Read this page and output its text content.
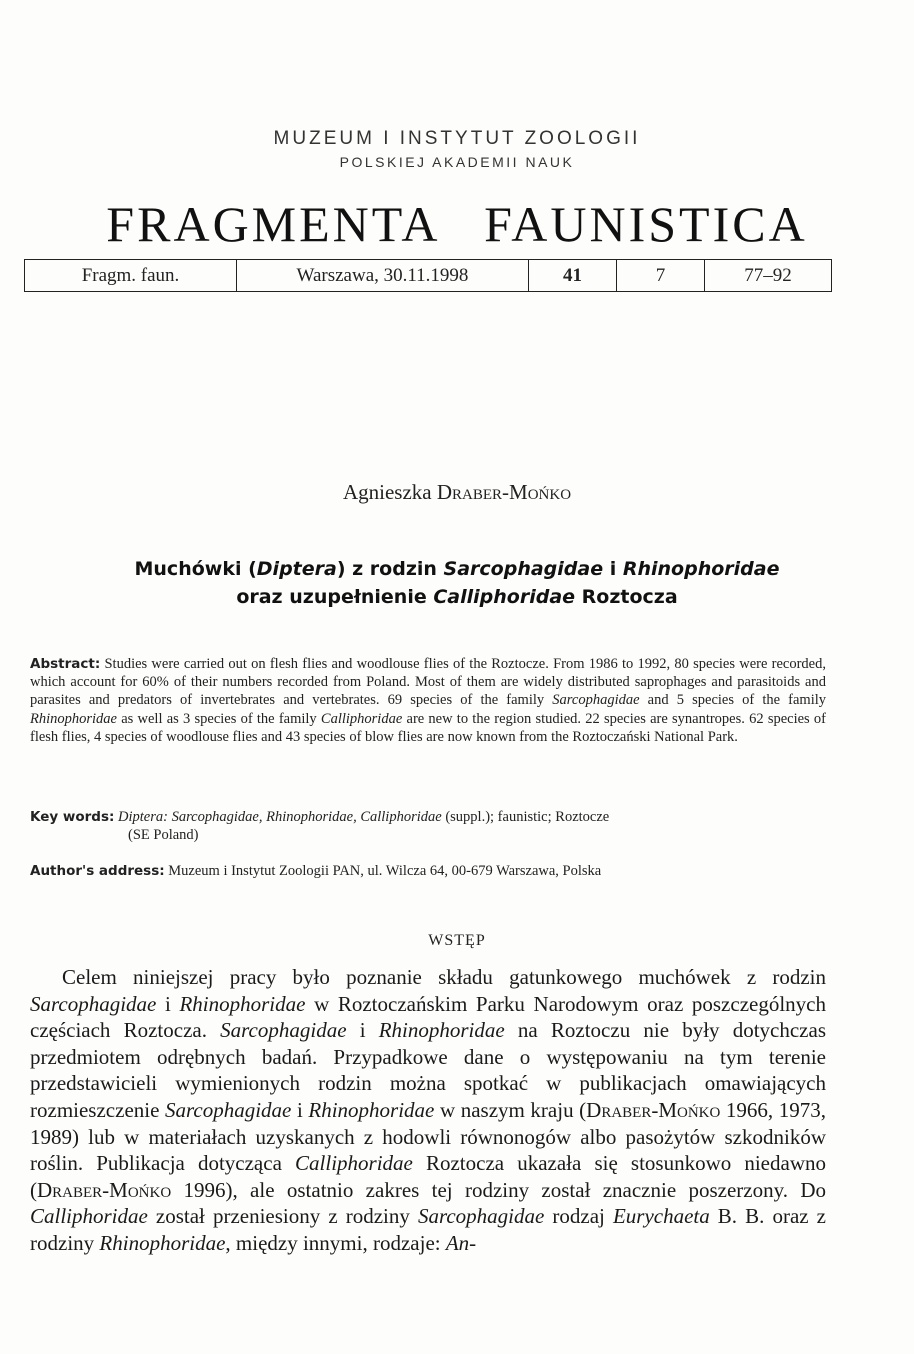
MUZEUM I INSTYTUT ZOOLOGII
POLSKIEJ AKADEMII NAUK
FRAGMENTA FAUNISTICA
Fragm. faun.	Warszawa, 30.11.1998	41	7	77–92
Agnieszka Draber-Mońko
Muchówki (Diptera) z rodzin Sarcophagidae i Rhinophoridae
oraz uzupełnienie Calliphoridae Roztocza
Abstract: Studies were carried out on flesh flies and woodlouse flies of the Roztocze. From 1986 to 1992, 80 species were recorded, which account for 60% of their numbers recorded from Poland. Most of them are widely distributed saprophages and parasitoids and parasites and predators of invertebrates and vertebrates. 69 species of the family Sarcophagidae and 5 species of the family Rhinophoridae as well as 3 species of the family Calliphoridae are new to the region studied. 22 species are synantropes. 62 species of flesh flies, 4 species of woodlouse flies and 43 species of blow flies are now known from the Roztoczański National Park.
Key words: Diptera: Sarcophagidae, Rhinophoridae, Calliphoridae (suppl.); faunistic; Roztocze
(SE Poland)
Author's address: Muzeum i Instytut Zoologii PAN, ul. Wilcza 64, 00-679 Warszawa, Polska
WSTĘP
Celem niniejszej pracy było poznanie składu gatunkowego muchówek z rodzin Sarcophagidae i Rhinophoridae w Roztoczańskim Parku Narodowym oraz poszczególnych częściach Roztocza. Sarcophagidae i Rhinophoridae na Roztoczu nie były dotychczas przedmiotem odrębnych badań. Przypadkowe dane o występowaniu na tym terenie przedstawicieli wymienionych rodzin można spotkać w publikacjach omawiających rozmieszczenie Sarcophagidae i Rhinophoridae w naszym kraju (Draber-Mońko 1966, 1973, 1989) lub w materiałach uzyskanych z hodowli równonogów albo pasożytów szkodników roślin. Publikacja dotycząca Calliphoridae Roztocza ukazała się stosunkowo niedawno (Draber-Mońko 1996), ale ostatnio zakres tej rodziny został znacznie poszerzony. Do Calliphoridae został przeniesiony z rodziny Sarcophagidae rodzaj Eurychaeta B. B. oraz z rodziny Rhinophoridae, między innymi, rodzaje: An-
